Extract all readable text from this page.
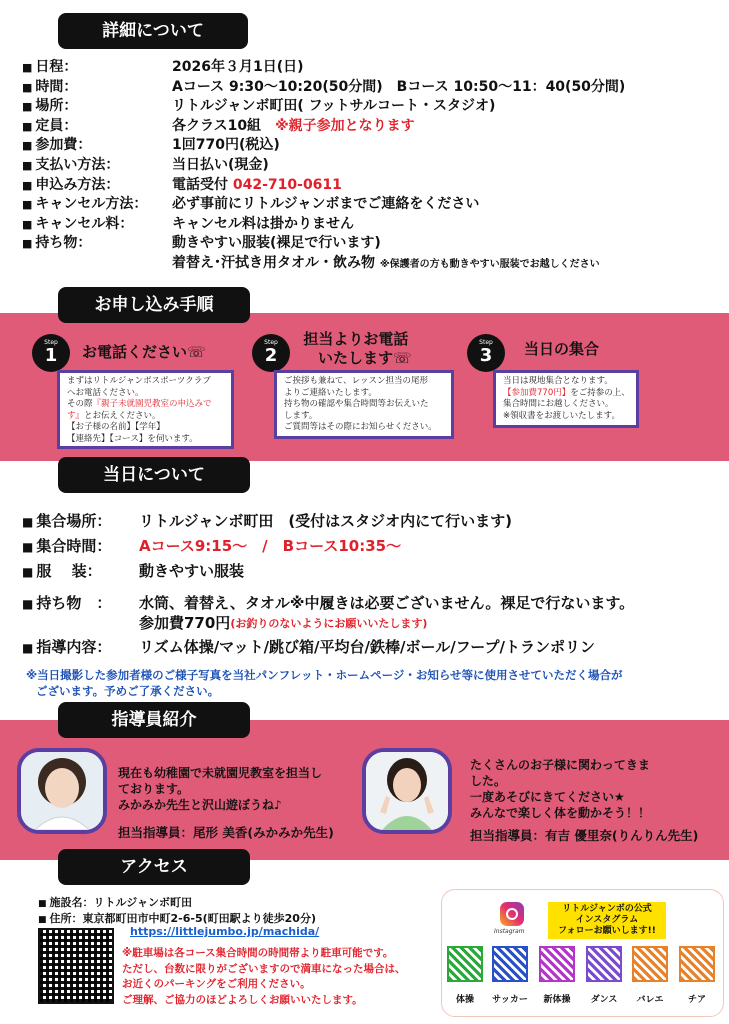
詳細について
■ 日程：	2026年３月1日(日)
■ 時間：	Aコース 9:30〜10:20(50分間)　Bコース 10:50〜11：40(50分間)
■ 場所：	リトルジャンボ町田( フットサルコート・スタジオ)
■ 定員：	各クラス10組　 ※親子参加となります
■ 参加費：	1回770円(税込)
■ 支払い方法：	当日払い(現金)
■ 申込み方法：	電話受付 042-710-0611
■ キャンセル方法：	必ず事前にリトルジャンボまでご連絡をください
■ キャンセル料：	キャンセル料は掛かりません
■ 持ち物：	動きやすい服装(裸足で行います)
着替え･汗拭き用タオル・飲み物 ※保護者の方も動きやすい服装でお越しください
お申し込み手順
Step
1	お電話ください☏
まずはリトルジャンボスポーツクラブ
へお電話ください。
その際『親子未就園児教室の申込みで
す』とお伝えください。
【お子様の名前】【学年】
【連絡先】【コース】を伺います。
Step
2
担当よりお電話
いたします☏
ご挨拶も兼ねて、レッスン担当の尾形
よりご連絡いたします。
持ち物の確認や集合時間等お伝えいた
します。
ご質問等はその際にお知らせください。
Step
3	当日の集合
当日は現地集合となります。
【参加費770円】をご持参の上、
集合時間にお越しください。
※領収書をお渡しいたします。
当日について
■ 集合場所：	リトルジャンボ町田　(受付はスタジオ内にて行います)
■ 集合時間：	Aコース9:15〜　/　Bコース10:35〜
■ 服　 装：	動きやすい服装
■ 持ち物　：	水筒、着替え、タオル※中履きは必要ございません。裸足で行ないます。
参加費770円 (お釣りのないようにお願いいたします)
■ 指導内容：	リズム体操/マット/跳び箱/平均台/鉄棒/ボール/フープ/トランポリン
※当日撮影した参加者様のご様子写真を当社パンフレット・ホームページ・お知らせ等に使用させていただく場合が
ございます。予めご了承ください。
指導員紹介
現在も幼稚園で未就園児教室を担当し
ております。
みかみか先生と沢山遊ぼうね♪
担当指導員：尾形 美香(みかみか先生)
たくさんのお子様に関わってきま
した。
一度あそびにきてください★
みんなで楽しく体を動かそう！！
担当指導員：有吉 優里奈(りんりん先生)
アクセス
■ 施設名：リトルジャンボ町田
■ 住所：東京都町田市中町2-6-5(町田駅より徒歩20分)
https://littlejumbo.jp/machida/
※駐車場は各コース集合時間の時間帯より駐車可能です。
ただし、台数に限りがございますので満車になった場合は、
お近くのパーキングをご利用ください。
ご理解、ご協力のほどよろしくお願いいたします。
Instagram
リトルジャンボの公式
インスタグラム
フォローお願いします!!
体操	サッカー	新体操	ダンス	バレエ	チア
